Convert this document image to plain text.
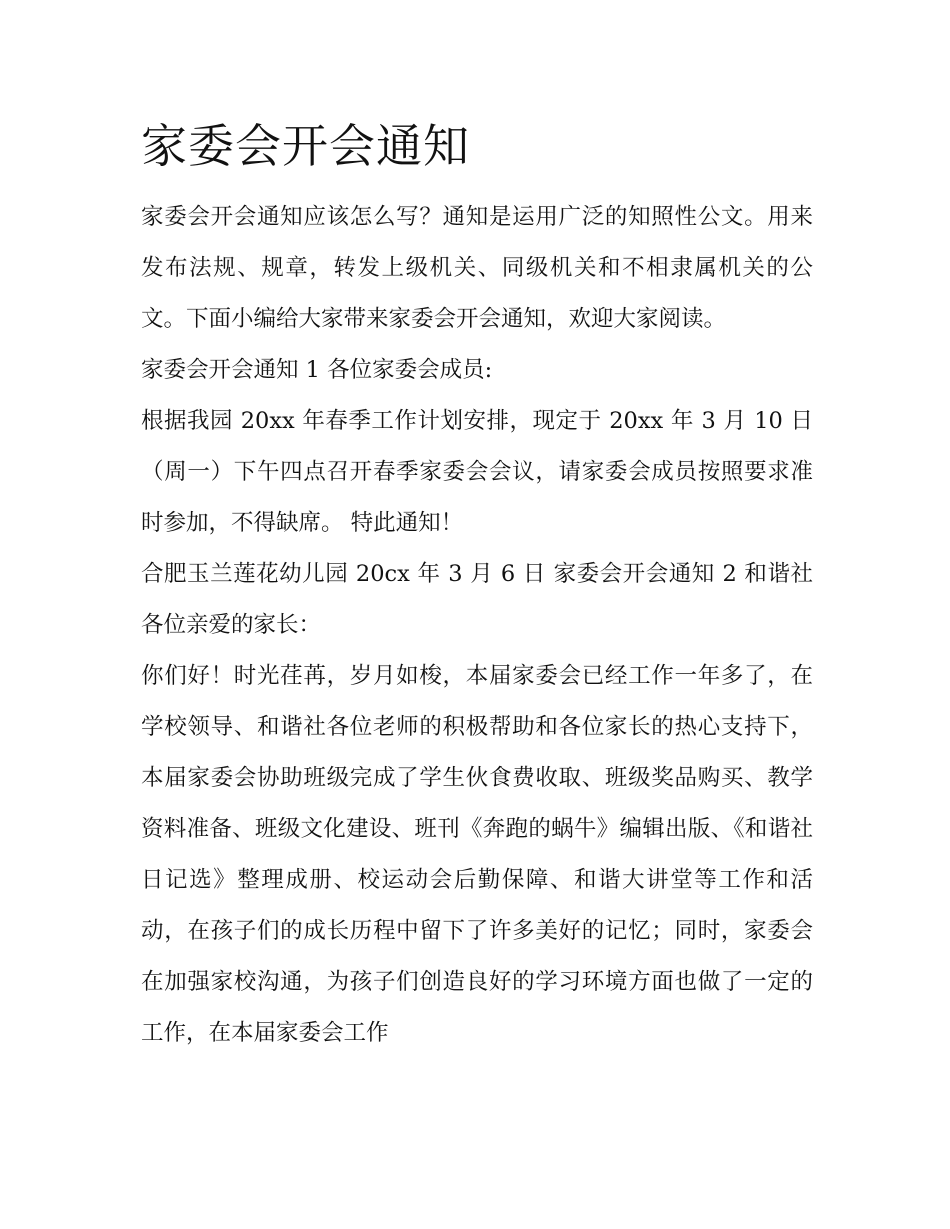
家委会开会通知

家委会开会通知应该怎么写？通知是运用广泛的知照性公文。用来发布法规、规章，转发上级机关、同级机关和不相隶属机关的公文。下面小编给大家带来家委会开会通知，欢迎大家阅读。

家委会开会通知 1 各位家委会成员:

根据我园 20xx 年春季工作计划安排，现定于 20xx 年 3 月 10 日（周一）下午四点召开春季家委会会议，请家委会成员按照要求准时参加，不得缺席。 特此通知！

合肥玉兰莲花幼儿园 20cx 年 3 月 6 日 家委会开会通知 2 和谐社各位亲爱的家长：

你们好！时光荏苒，岁月如梭，本届家委会已经工作一年多了，在学校领导、和谐社各位老师的积极帮助和各位家长的热心支持下，本届家委会协助班级完成了学生伙食费收取、班级奖品购买、教学资料准备、班级文化建设、班刊《奔跑的蜗牛》编辑出版、《和谐社日记选》整理成册、校运动会后勤保障、和谐大讲堂等工作和活动，在孩子们的成长历程中留下了许多美好的记忆；同时，家委会在加强家校沟通，为孩子们创造良好的学习环境方面也做了一定的工作，在本届家委会工作
